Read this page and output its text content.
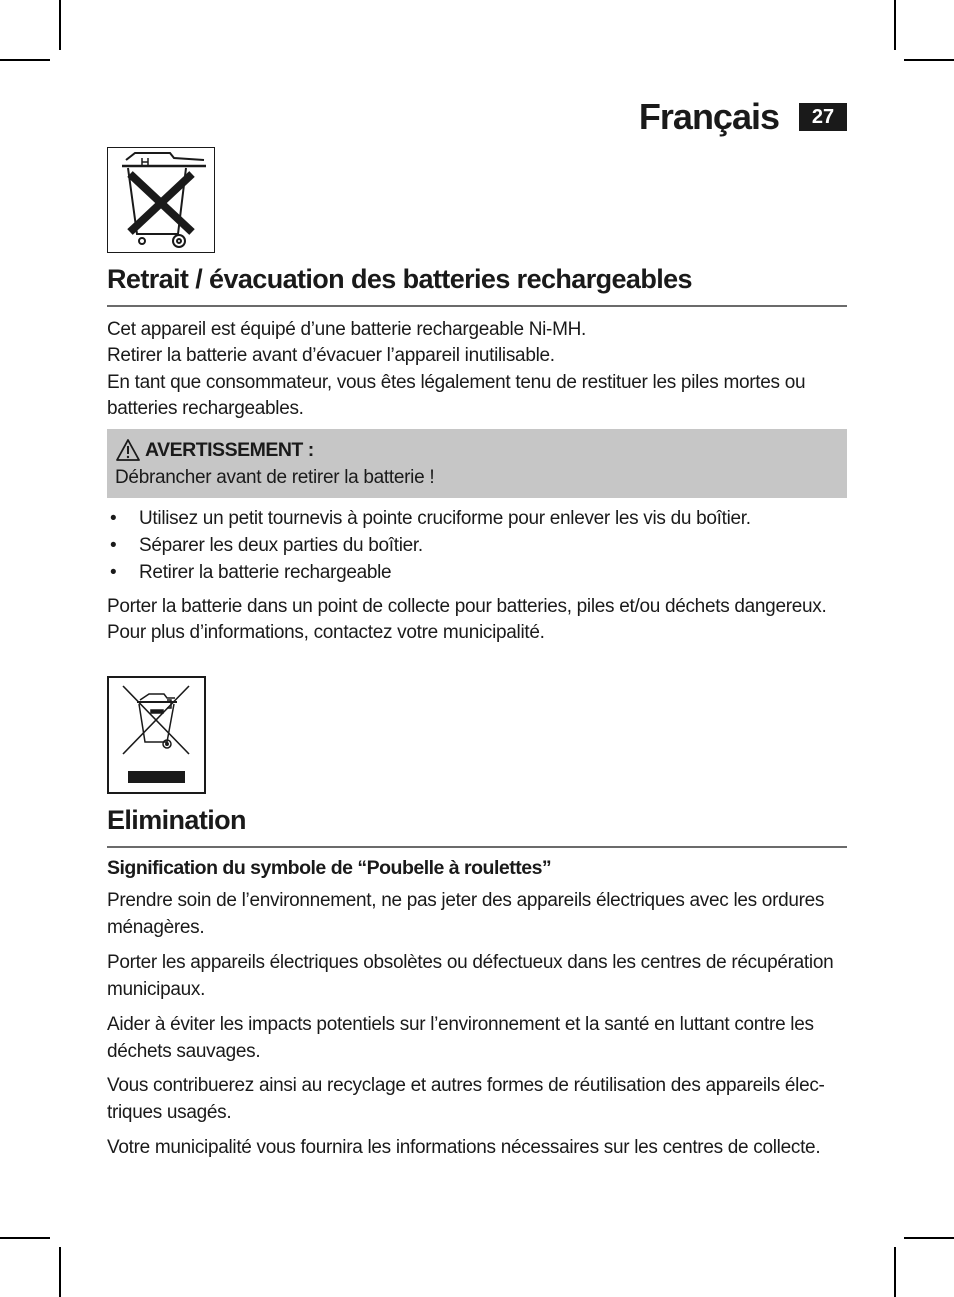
Français	27
Retrait / évacuation des batteries rechargeables

Cet appareil est équipé d’une batterie rechargeable Ni-MH.

Retirer la batterie avant d’évacuer l’appareil inutilisable.

En tant que consommateur, vous êtes légalement tenu de restituer les piles mortes ou

batteries rechargeables.

AVERTISSEMENT :
Débrancher avant de retirer la batterie !
• Utilisez un petit tournevis à pointe cruciforme pour enlever les vis du boîtier.
• Séparer les deux parties du boîtier.
• Retirer la batterie rechargeable

Porter la batterie dans un point de collecte pour batteries, piles et/ou déchets dangereux.

Pour plus d’informations, contactez votre municipalité.

Elimination
Signification du symbole de “Poubelle à roulettes”

Prendre soin de l’environnement, ne pas jeter des appareils électriques avec les ordures

ménagères.

Porter les appareils électriques obsolètes ou défectueux dans les centres de récupération

municipaux.

Aider à éviter les impacts potentiels sur l’environnement et la santé en luttant contre les

déchets sauvages.

Vous contribuerez ainsi au recyclage et autres formes de réutilisation des appareils élec-

triques usagés.

Votre municipalité vous fournira les informations nécessaires sur les centres de collecte.
